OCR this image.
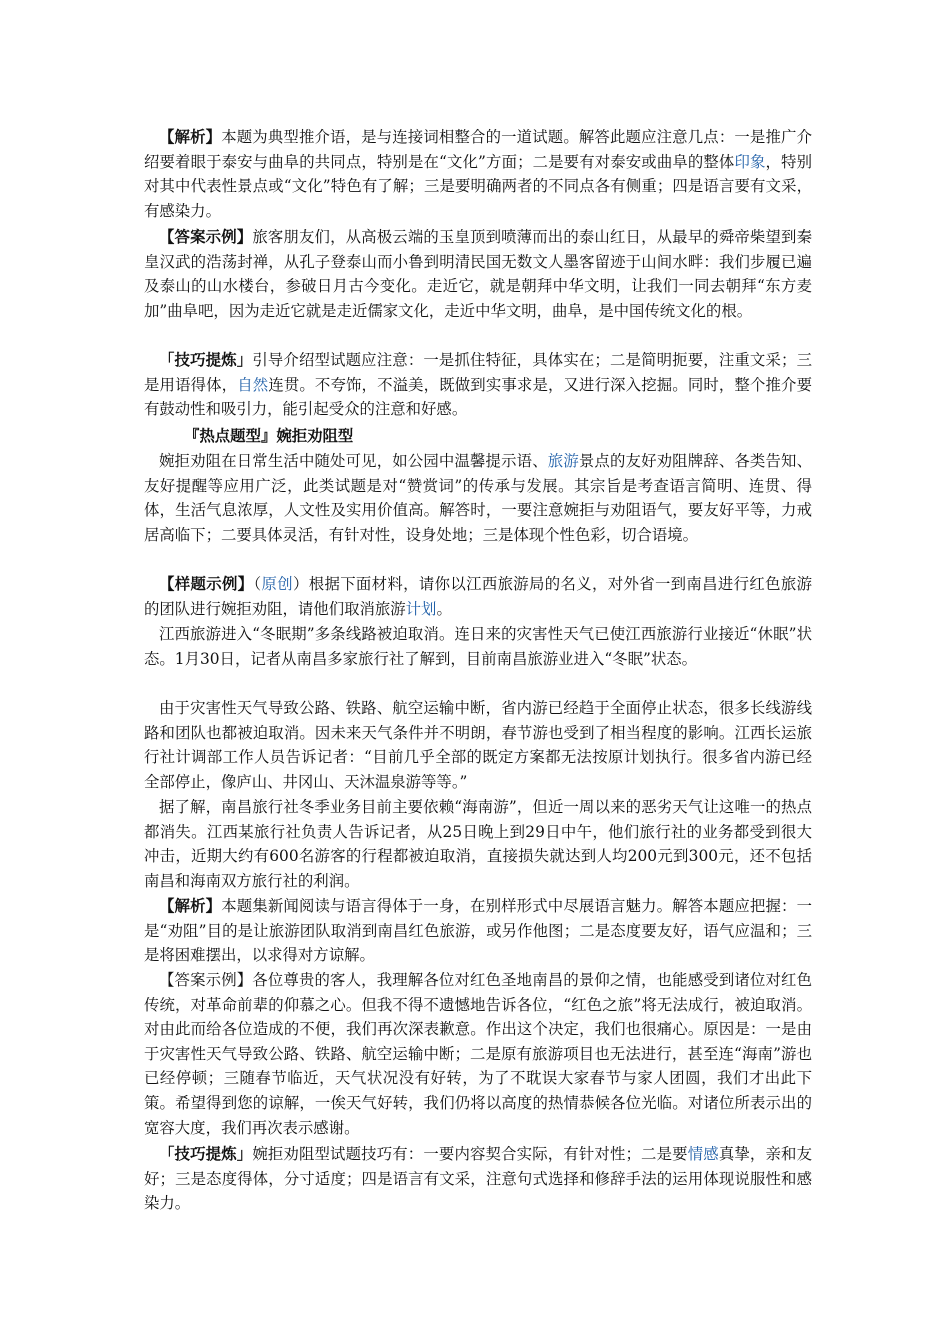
【解析】本题为典型推介语，是与连接词相整合的一道试题。解答此题应注意几点：一是推广介绍要着眼于泰安与曲阜的共同点，特别是在“文化”方面；二是要有对泰安或曲阜的整体印象，特别对其中代表性景点或“文化”特色有了解；三是要明确两者的不同点各有侧重；四是语言要有文采，有感染力。

【答案示例】旅客朋友们，从高极云端的玉皇顶到喷薄而出的泰山红日，从最早的舜帝柴望到秦皇汉武的浩荡封禅，从孔子登泰山而小鲁到明清民国无数文人墨客留迹于山间水畔：我们步履已遍及泰山的山水楼台，参破日月古今变化。走近它，就是朝拜中华文明，让我们一同去朝拜“东方麦加”曲阜吧，因为走近它就是走近儒家文化，走近中华文明，曲阜，是中国传统文化的根。

「技巧提炼」引导介绍型试题应注意：一是抓住特征，具体实在；二是简明扼要，注重文采；三是用语得体，自然连贯。不夸饰，不溢美，既做到实事求是，又进行深入挖掘。同时，整个推介要有鼓动性和吸引力，能引起受众的注意和好感。

『热点题型』婉拒劝阻型

婉拒劝阻在日常生活中随处可见，如公园中温馨提示语、旅游景点的友好劝阻牌辞、各类告知、友好提醒等应用广泛，此类试题是对“赞赏词”的传承与发展。其宗旨是考查语言简明、连贯、得体，生活气息浓厚，人文性及实用价值高。解答时，一要注意婉拒与劝阻语气，要友好平等，力戒居高临下；二要具体灵活，有针对性，设身处地；三是体现个性色彩，切合语境。

【样题示例】（原创）根据下面材料，请你以江西旅游局的名义，对外省一到南昌进行红色旅游的团队进行婉拒劝阻，请他们取消旅游计划。

江西旅游进入“冬眠期”多条线路被迫取消。连日来的灾害性天气已使江西旅游行业接近“休眠”状态。1月30日，记者从南昌多家旅行社了解到，目前南昌旅游业进入“冬眠”状态。

由于灾害性天气导致公路、铁路、航空运输中断，省内游已经趋于全面停止状态，很多长线游线路和团队也都被迫取消。因未来天气条件并不明朗，春节游也受到了相当程度的影响。江西长运旅行社计调部工作人员告诉记者：“目前几乎全部的既定方案都无法按原计划执行。很多省内游已经全部停止，像庐山、井冈山、天沐温泉游等等。”

据了解，南昌旅行社冬季业务目前主要依赖“海南游”，但近一周以来的恶劣天气让这唯一的热点都消失。江西某旅行社负责人告诉记者，从25日晚上到29日中午，他们旅行社的业务都受到很大冲击，近期大约有600名游客的行程都被迫取消，直接损失就达到人均200元到300元，还不包括南昌和海南双方旅行社的利润。

【解析】本题集新闻阅读与语言得体于一身，在别样形式中尽展语言魅力。解答本题应把握：一是“劝阻”目的是让旅游团队取消到南昌红色旅游，或另作他图；二是态度要友好，语气应温和；三是将困难摆出，以求得对方谅解。

【答案示例】各位尊贵的客人，我理解各位对红色圣地南昌的景仰之情，也能感受到诸位对红色传统，对革命前辈的仰慕之心。但我不得不遗憾地告诉各位，“红色之旅”将无法成行，被迫取消。对由此而给各位造成的不便，我们再次深表歉意。作出这个决定，我们也很痛心。原因是：一是由于灾害性天气导致公路、铁路、航空运输中断；二是原有旅游项目也无法进行，甚至连“海南”游也已经停顿；三随春节临近，天气状况没有好转，为了不耽误大家春节与家人团圆，我们才出此下策。希望得到您的谅解，一俟天气好转，我们仍将以高度的热情恭候各位光临。对诸位所表示出的宽容大度，我们再次表示感谢。

「技巧提炼」婉拒劝阻型试题技巧有：一要内容契合实际，有针对性；二是要情感真挚，亲和友好；三是态度得体，分寸适度；四是语言有文采，注意句式选择和修辞手法的运用体现说服性和感染力。
